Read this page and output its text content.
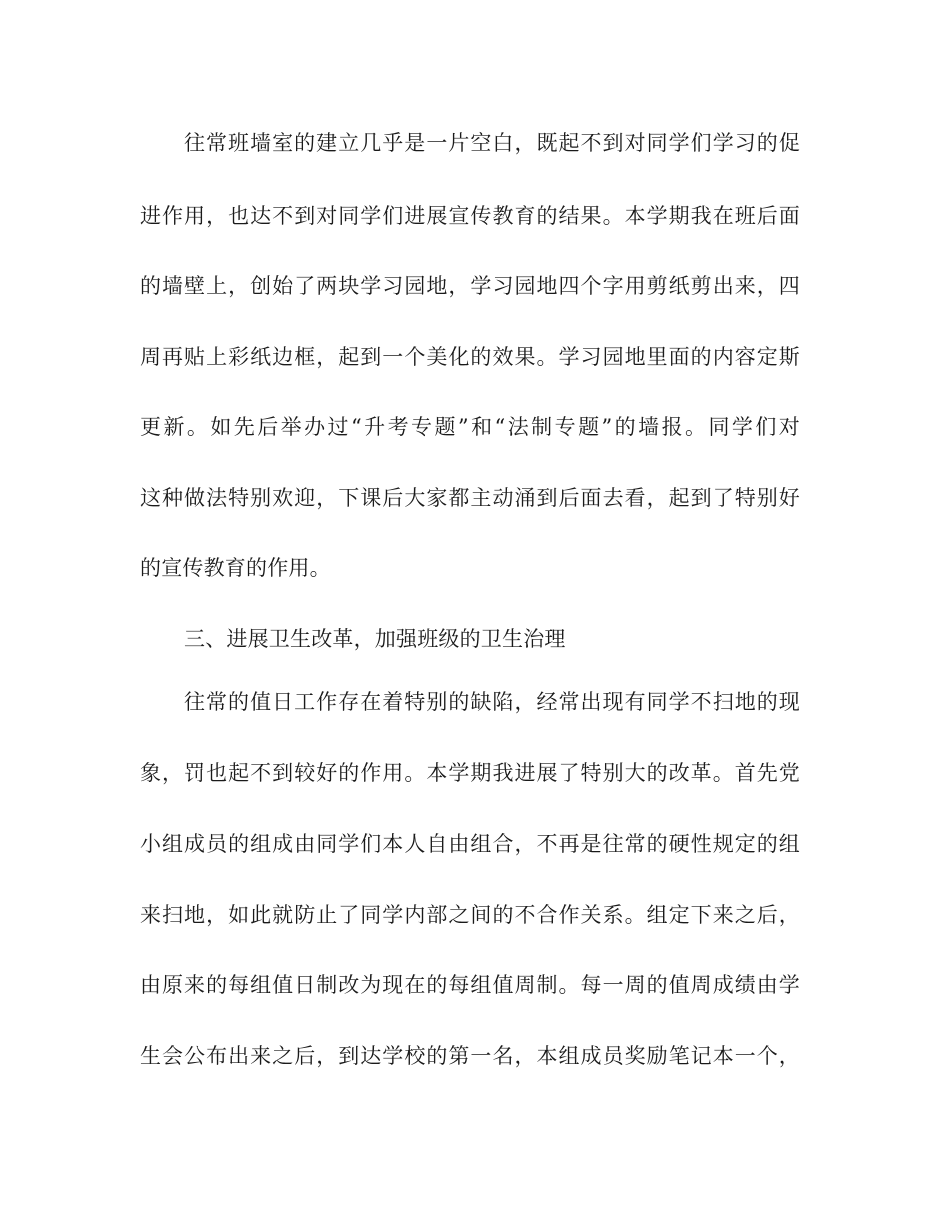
往常班墙室的建立几乎是一片空白，既起不到对同学们学习的促
进作用，也达不到对同学们进展宣传教育的结果。本学期我在班后面
的墙壁上，创始了两块学习园地，学习园地四个字用剪纸剪出来，四
周再贴上彩纸边框，起到一个美化的效果。学习园地里面的内容定斯
更新。如先后举办过“升考专题”和“法制专题”的墙报。同学们对
这种做法特别欢迎，下课后大家都主动涌到后面去看，起到了特别好
的宣传教育的作用。
三、进展卫生改革，加强班级的卫生治理
往常的值日工作存在着特别的缺陷，经常出现有同学不扫地的现
象，罚也起不到较好的作用。本学期我进展了特别大的改革。首先党
小组成员的组成由同学们本人自由组合，不再是往常的硬性规定的组
来扫地，如此就防止了同学内部之间的不合作关系。组定下来之后，
由原来的每组值日制改为现在的每组值周制。每一周的值周成绩由学
生会公布出来之后，到达学校的第一名，本组成员奖励笔记本一个，
